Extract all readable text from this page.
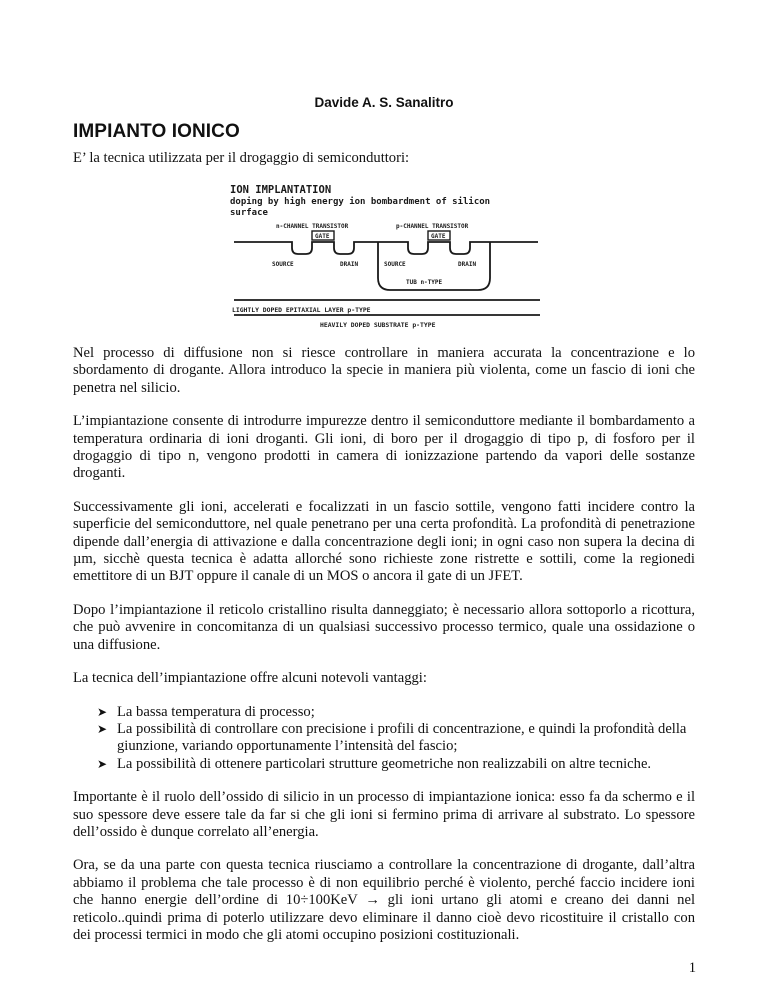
Davide A. S. Sanalitro
IMPIANTO IONICO
E’ la tecnica utilizzata per il drogaggio di semiconduttori:
ION IMPLANTATION
doping by high energy ion bombardment of silicon
surface
n-CHANNEL TRANSISTOR	p-CHANNEL TRANSISTOR
GATE	GATE
SOURCE	DRAIN	SOURCE	DRAIN
TUB n-TYPE
LIGHTLY DOPED EPITAXIAL LAYER p-TYPE
HEAVILY DOPED SUBSTRATE p-TYPE

Nel processo di diffusione non si riesce controllare in maniera accurata la concentrazione e lo sbordamento di drogante. Allora introduco la specie in maniera più violenta, come un fascio di ioni che penetra nel silicio.

L’impiantazione consente di introdurre impurezze dentro il semiconduttore mediante il bombardamento a temperatura ordinaria di ioni droganti. Gli ioni, di boro per il drogaggio di tipo p, di fosforo per il drogaggio di tipo n, vengono prodotti in camera di ionizzazione partendo da vapori delle sostanze droganti.

Successivamente gli ioni, accelerati e focalizzati in un fascio sottile, vengono fatti incidere contro la superficie del semiconduttore, nel quale penetrano per una certa profondità. La profondità di penetrazione dipende dall’energia di attivazione e dalla concentrazione degli ioni; in ogni caso non supera la decina di µm, sicchè questa tecnica è adatta allorché sono richieste zone ristrette e sottili, come la regionedi emettitore di un BJT oppure il canale di un MOS o ancora il gate di un JFET.

Dopo l’impiantazione il reticolo cristallino risulta danneggiato; è necessario allora sottoporlo a ricottura, che può avvenire in concomitanza di un qualsiasi successivo processo termico, quale una ossidazione o una diffusione.

La tecnica dell’impiantazione offre alcuni notevoli vantaggi:

➤ La bassa temperatura di processo;
➤ La possibilità di controllare con precisione i profili di concentrazione, e quindi la profondità della giunzione, variando opportunamente l’intensità del fascio;
➤ La possibilità di ottenere particolari strutture geometriche non realizzabili on altre tecniche.

Importante è il ruolo dell’ossido di silicio in un processo di impiantazione ionica: esso fa da schermo e il suo spessore deve essere tale da far si che gli ioni si fermino prima di arrivare al substrato. Lo spessore dell’ossido è dunque correlato all’energia.

Ora, se da una parte con questa tecnica riusciamo a controllare la concentrazione di drogante, dall’altra abbiamo il problema che tale processo è di non equilibrio perché è violento, perché faccio incidere ioni che hanno energie dell’ordine di 10÷100KeV → gli ioni urtano gli atomi e creano dei danni nel reticolo..quindi prima di poterlo utilizzare devo eliminare il danno cioè devo ricostituire il cristallo con dei processi termici in modo che gli atomi occupino posizioni costituzionali.

1
